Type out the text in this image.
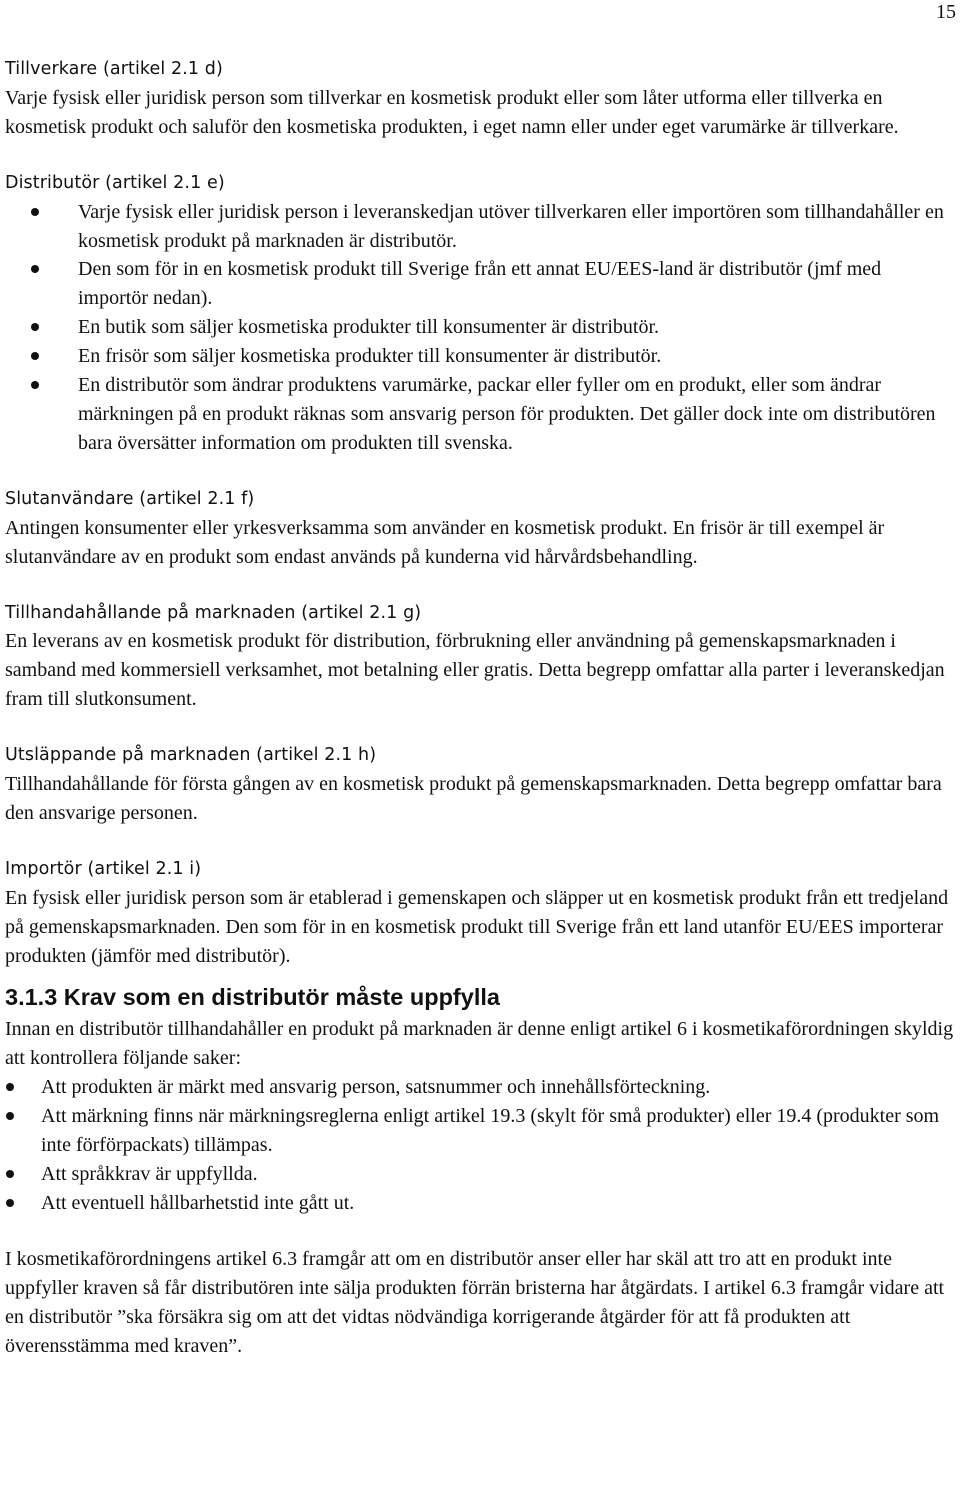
15
Tillverkare (artikel 2.1 d)

Varje fysisk eller juridisk person som tillverkar en kosmetisk produkt eller som låter utforma eller tillverka en kosmetisk produkt och saluför den kosmetiska produkten, i eget namn eller under eget varumärke är tillverkare.

Distributör (artikel 2.1 e)
Varje fysisk eller juridisk person i leveranskedjan utöver tillverkaren eller importören som tillhandahåller en kosmetisk produkt på marknaden är distributör.
Den som för in en kosmetisk produkt till Sverige från ett annat EU/EES-land är distributör (jmf med importör nedan).
En butik som säljer kosmetiska produkter till konsumenter är distributör.
En frisör som säljer kosmetiska produkter till konsumenter är distributör.
En distributör som ändrar produktens varumärke, packar eller fyller om en produkt, eller som ändrar märkningen på en produkt räknas som ansvarig person för produkten. Det gäller dock inte om distributören bara översätter information om produkten till svenska.
Slutanvändare (artikel 2.1 f)

Antingen konsumenter eller yrkesverksamma som använder en kosmetisk produkt. En frisör är till exempel är slutanvändare av en produkt som endast används på kunderna vid hårvårdsbehandling.

Tillhandahållande på marknaden (artikel 2.1 g)

En leverans av en kosmetisk produkt för distribution, förbrukning eller användning på gemenskapsmarknaden i samband med kommersiell verksamhet, mot betalning eller gratis. Detta begrepp omfattar alla parter i leveranskedjan fram till slutkonsument.

Utsläppande på marknaden (artikel 2.1 h)

Tillhandahållande för första gången av en kosmetisk produkt på gemenskapsmarknaden. Detta begrepp omfattar bara den ansvarige personen.

Importör (artikel 2.1 i)

En fysisk eller juridisk person som är etablerad i gemenskapen och släpper ut en kosmetisk produkt från ett tredjeland på gemenskapsmarknaden. Den som för in en kosmetisk produkt till Sverige från ett land utanför EU/EES importerar produkten (jämför med distributör).

3.1.3 Krav som en distributör måste uppfylla

Innan en distributör tillhandahåller en produkt på marknaden är denne enligt artikel 6 i kosmetikaförordningen skyldig att kontrollera följande saker:

Att produkten är märkt med ansvarig person, satsnummer och innehållsförteckning.
Att märkning finns när märkningsreglerna enligt artikel 19.3 (skylt för små produkter) eller 19.4 (produkter som inte förförpackats) tillämpas.
Att språkkrav är uppfyllda.
Att eventuell hållbarhetstid inte gått ut.

I kosmetikaförordningens artikel 6.3 framgår att om en distributör anser eller har skäl att tro att en produkt inte uppfyller kraven så får distributören inte sälja produkten förrän bristerna har åtgärdats. I artikel 6.3 framgår vidare att en distributör ”ska försäkra sig om att det vidtas nödvändiga korrigerande åtgärder för att få produkten att överensstämma med kraven”.
